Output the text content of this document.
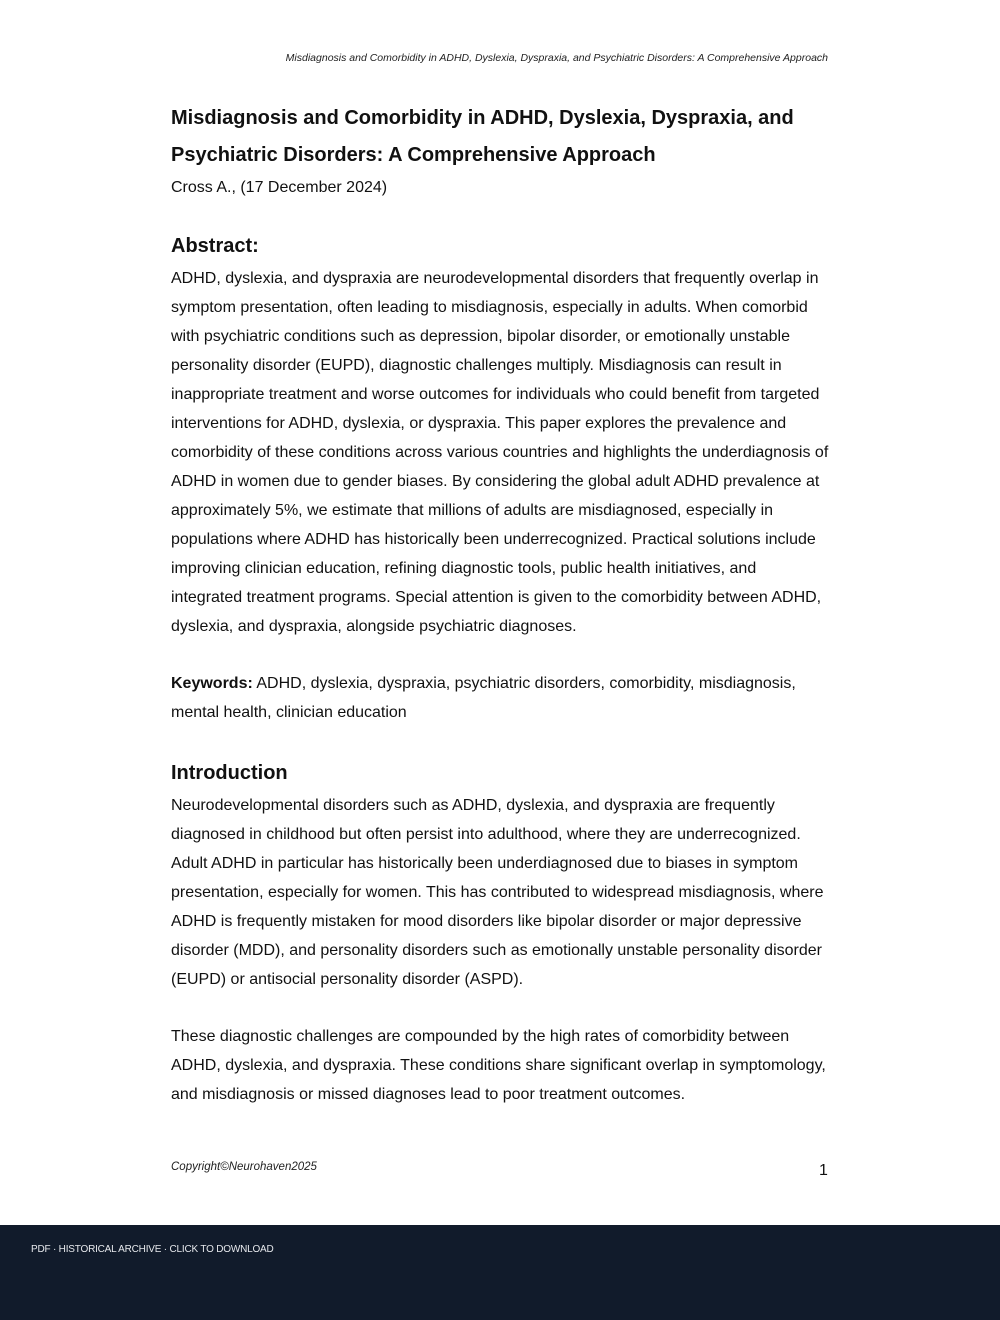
Misdiagnosis and Comorbidity in ADHD, Dyslexia, Dyspraxia, and Psychiatric Disorders: A Comprehensive Approach
Misdiagnosis and Comorbidity in ADHD, Dyslexia, Dyspraxia, and
Psychiatric Disorders: A Comprehensive Approach

Cross A., (17 December 2024)

Abstract:

ADHD, dyslexia, and dyspraxia are neurodevelopmental disorders that frequently overlap in symptom presentation, often leading to misdiagnosis, especially in adults. When comorbid with psychiatric conditions such as depression, bipolar disorder, or emotionally unstable personality disorder (EUPD), diagnostic challenges multiply. Misdiagnosis can result in inappropriate treatment and worse outcomes for individuals who could benefit from targeted interventions for ADHD, dyslexia, or dyspraxia. This paper explores the prevalence and comorbidity of these conditions across various countries and highlights the underdiagnosis of ADHD in women due to gender biases. By considering the global adult ADHD prevalence at approximately 5%, we estimate that millions of adults are misdiagnosed, especially in populations where ADHD has historically been underrecognized. Practical solutions include improving clinician education, refining diagnostic tools, public health initiatives, and integrated treatment programs. Special attention is given to the comorbidity between ADHD, dyslexia, and dyspraxia, alongside psychiatric diagnoses.

Keywords: ADHD, dyslexia, dyspraxia, psychiatric disorders, comorbidity, misdiagnosis, mental health, clinician education

Introduction

Neurodevelopmental disorders such as ADHD, dyslexia, and dyspraxia are frequently diagnosed in childhood but often persist into adulthood, where they are underrecognized. Adult ADHD in particular has historically been underdiagnosed due to biases in symptom presentation, especially for women. This has contributed to widespread misdiagnosis, where ADHD is frequently mistaken for mood disorders like bipolar disorder or major depressive disorder (MDD), and personality disorders such as emotionally unstable personality disorder (EUPD) or antisocial personality disorder (ASPD).

These diagnostic challenges are compounded by the high rates of comorbidity between ADHD, dyslexia, and dyspraxia. These conditions share significant overlap in symptomology, and misdiagnosis or missed diagnoses lead to poor treatment outcomes.

Copyright©Neurohaven2025	1
PDF · HISTORICAL ARCHIVE · CLICK TO DOWNLOAD
